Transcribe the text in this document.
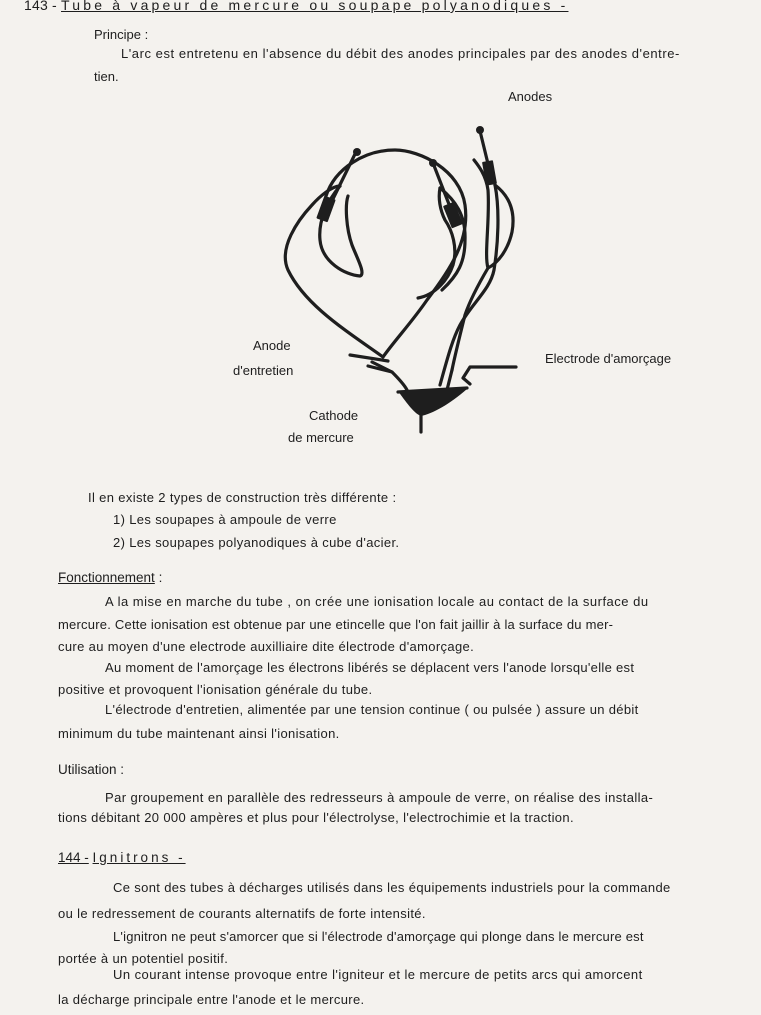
143 - Tube à vapeur de mercure ou soupape polyanodiques -
Principe :
L'arc est entretenu en l'absence du débit des anodes principales par des anodes d'entre-
tien.
Anodes
Anode
d'entretien
Electrode d'amorçage
Cathode
de mercure
Il en existe 2 types de construction très différente :
1) Les soupapes à ampoule de verre
2) Les soupapes polyanodiques à cube d'acier.
Fonctionnement :
A la mise en marche du tube , on crée une ionisation locale au contact de la surface du
mercure. Cette ionisation est obtenue par une etincelle que l'on fait jaillir à la surface du mer-
cure au moyen d'une electrode auxilliaire dite électrode d'amorçage.
Au moment de l'amorçage les électrons libérés se déplacent vers l'anode lorsqu'elle est
positive et provoquent l'ionisation générale du tube.
L'électrode d'entretien, alimentée par une tension continue ( ou pulsée ) assure un débit
minimum du tube maintenant ainsi l'ionisation.
Utilisation :
Par groupement en parallèle des redresseurs à ampoule de verre, on réalise des installa-
tions débitant 20 000 ampères et plus pour l'électrolyse, l'electrochimie et la traction.
144 - Ignitrons -
Ce sont des tubes à décharges utilisés dans les équipements industriels pour la commande
ou le redressement de courants alternatifs de forte intensité.
L'ignitron ne peut s'amorcer que si l'électrode d'amorçage qui plonge dans le mercure est
portée à un potentiel positif.
Un courant intense provoque entre l'igniteur et le mercure de petits arcs qui amorcent
la décharge principale entre l'anode et le mercure.
